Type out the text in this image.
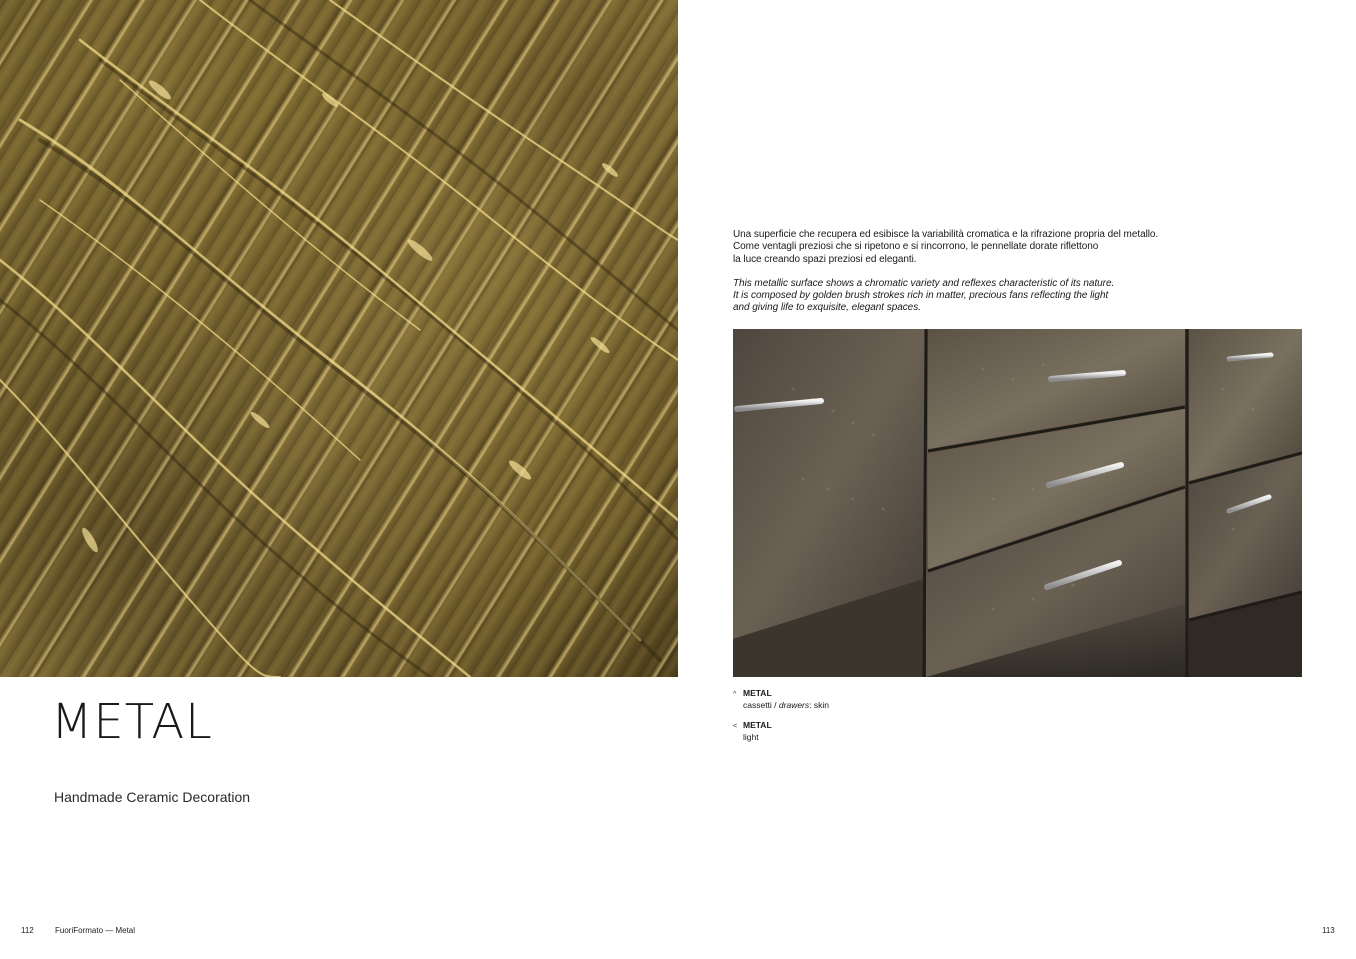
METAL

Handmade Ceramic Decoration

112	FuoriFormato — Metal

Una superficie che recupera ed esibisce la variabilità cromatica e la rifrazione propria del metallo.
Come ventagli preziosi che si ripetono e si rincorrono, le pennellate dorate riflettono
la luce creando spazi preziosi ed eleganti.

This metallic surface shows a chromatic variety and reflexes characteristic of its nature.
It is composed by golden brush strokes rich in matter, precious fans reflecting the light
and giving life to exquisite, elegant spaces.

^ METAL
cassetti / drawers: skin
< METAL
light
113
